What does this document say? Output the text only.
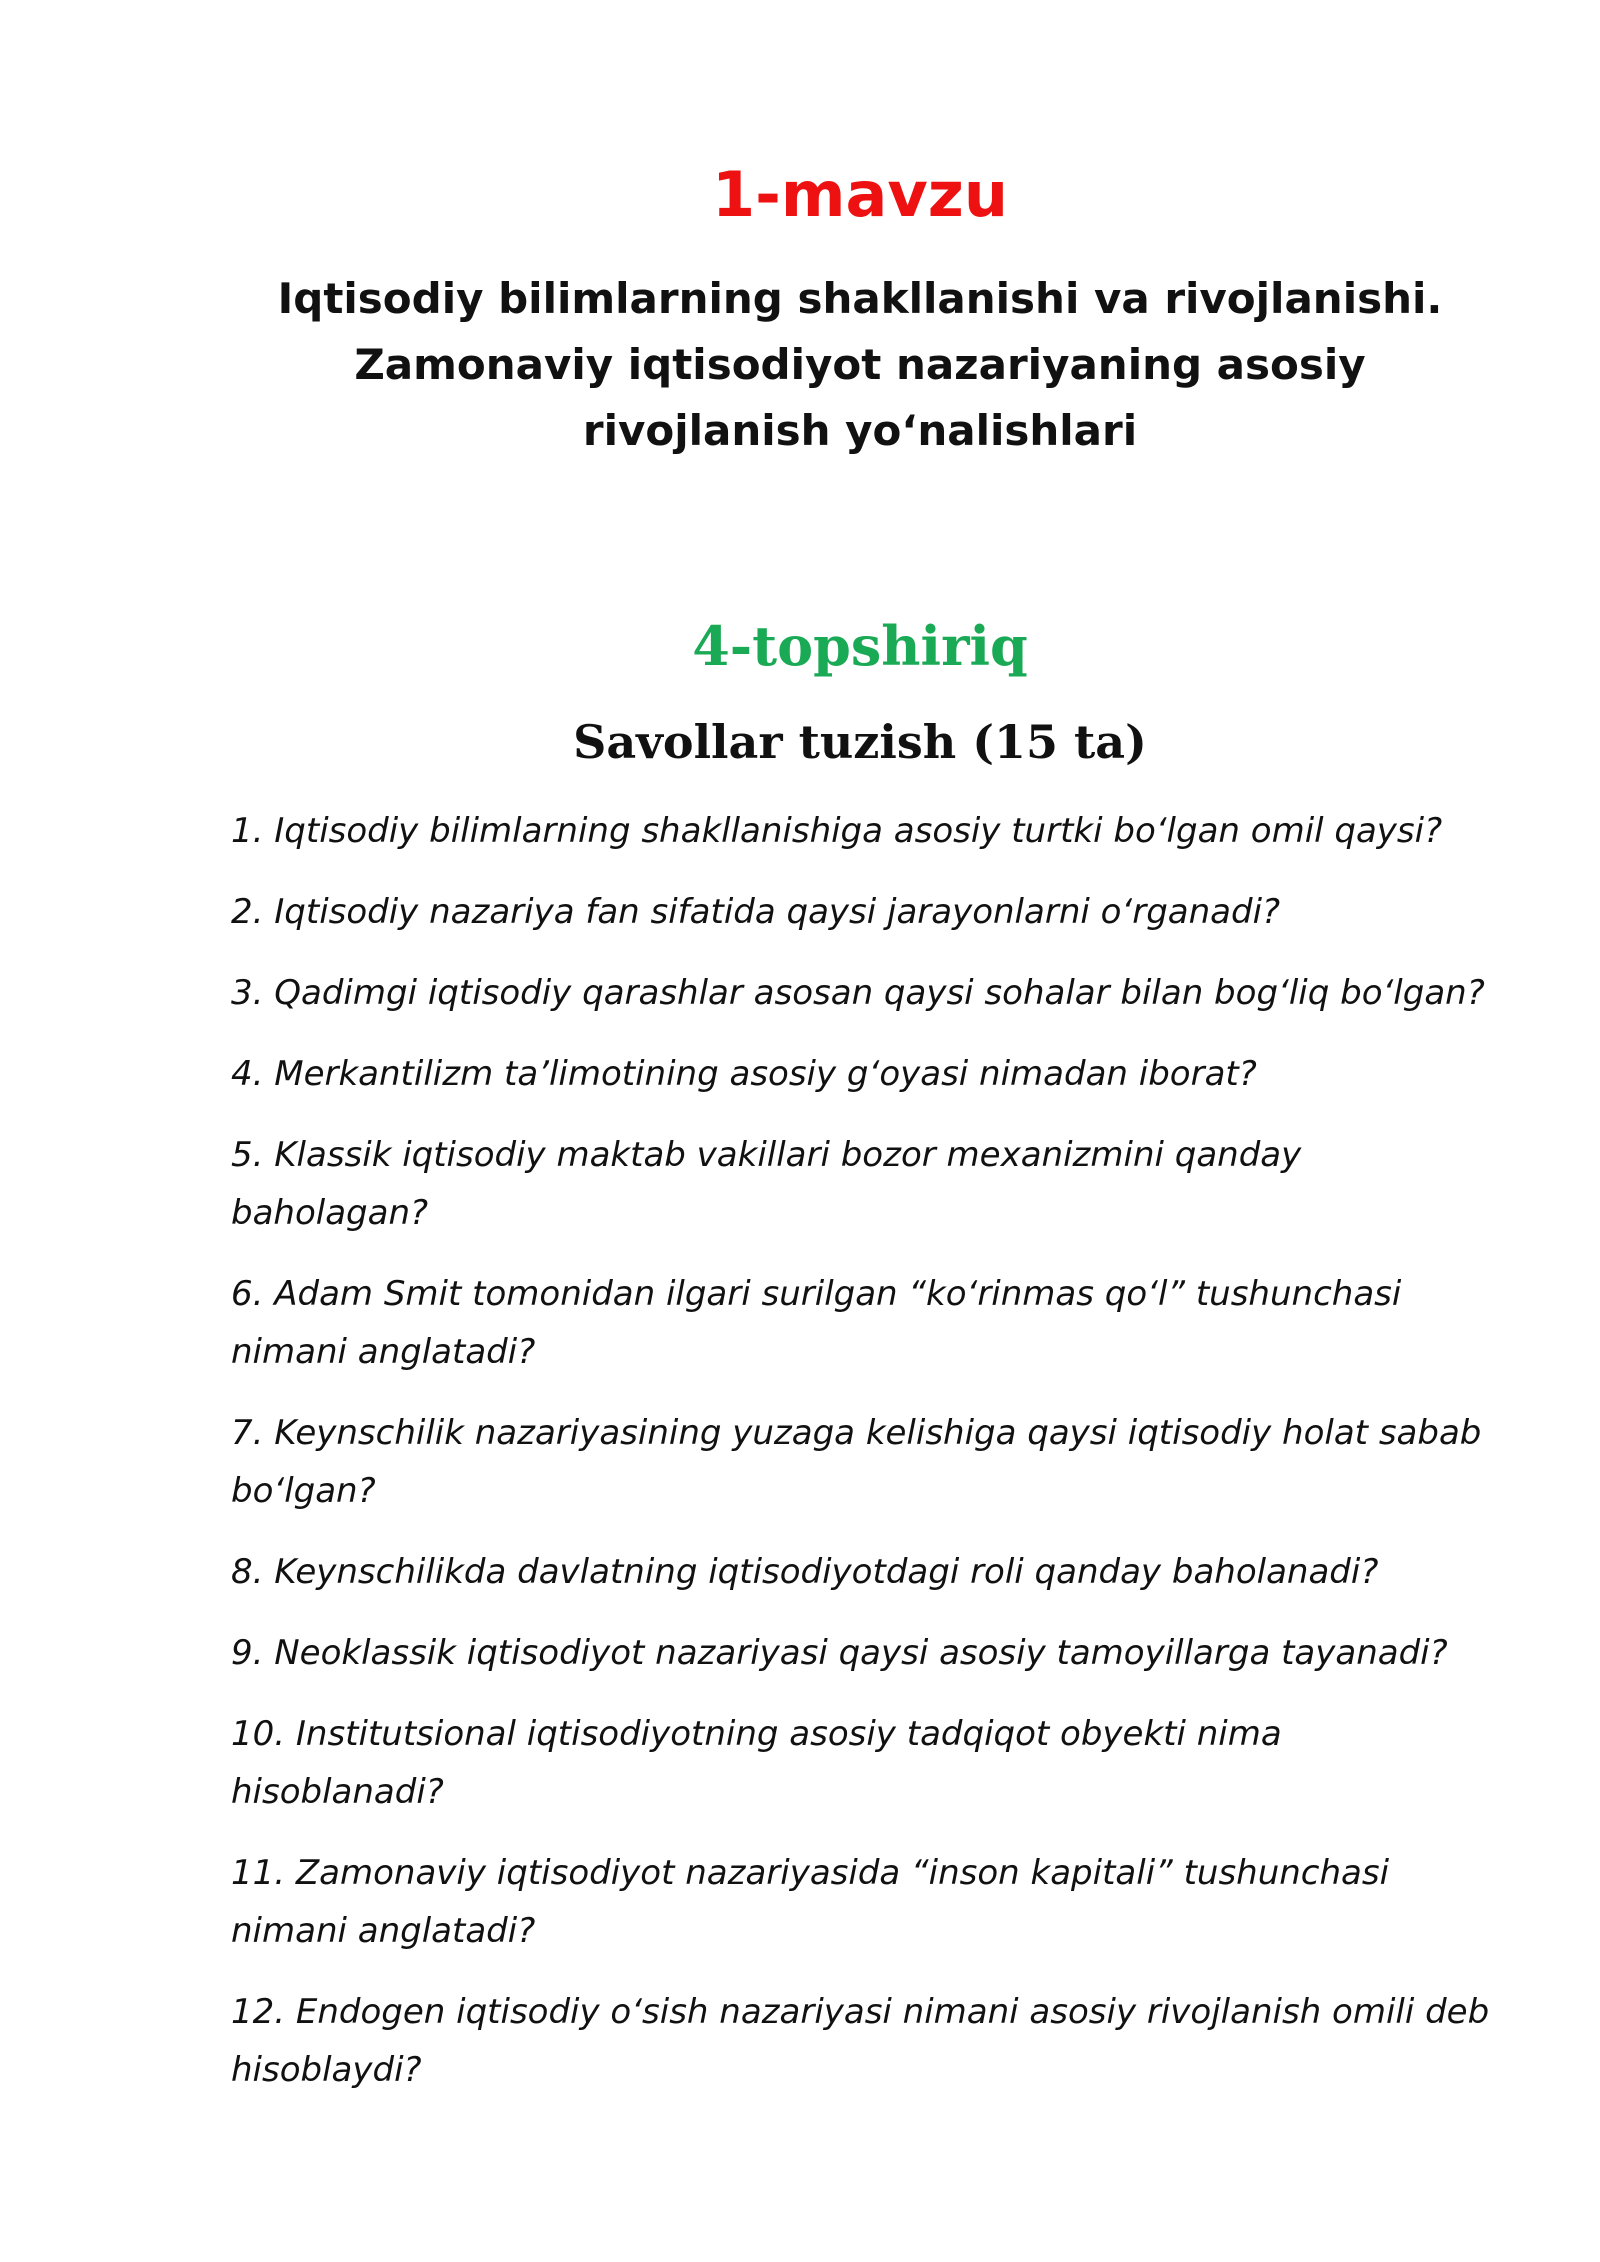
1-mavzu
Iqtisodiy bilimlarning shakllanishi va rivojlanishi. Zamonaviy iqtisodiyot nazariyaning asosiy rivojlanish yo‘nalishlari
4-topshiriq
Savollar tuzish (15 ta)
1. Iqtisodiy bilimlarning shakllanishiga asosiy turtki bo‘lgan omil qaysi?
2. Iqtisodiy nazariya fan sifatida qaysi jarayonlarni o‘rganadi?
3. Qadimgi iqtisodiy qarashlar asosan qaysi sohalar bilan bog‘liq bo‘lgan?
4. Merkantilizm ta’limotining asosiy g‘oyasi nimadan iborat?
5. Klassik iqtisodiy maktab vakillari bozor mexanizmini qanday baholagan?
6. Adam Smit tomonidan ilgari surilgan “ko‘rinmas qo‘l” tushunchasi nimani anglatadi?
7. Keynschilik nazariyasining yuzaga kelishiga qaysi iqtisodiy holat sabab bo‘lgan?
8. Keynschilikda davlatning iqtisodiyotdagi roli qanday baholanadi?
9. Neoklassik iqtisodiyot nazariyasi qaysi asosiy tamoyillarga tayanadi?
10. Institutsional iqtisodiyotning asosiy tadqiqot obyekti nima hisoblanadi?
11. Zamonaviy iqtisodiyot nazariyasida “inson kapitali” tushunchasi nimani anglatadi?
12. Endogen iqtisodiy o‘sish nazariyasi nimani asosiy rivojlanish omili deb hisoblaydi?
